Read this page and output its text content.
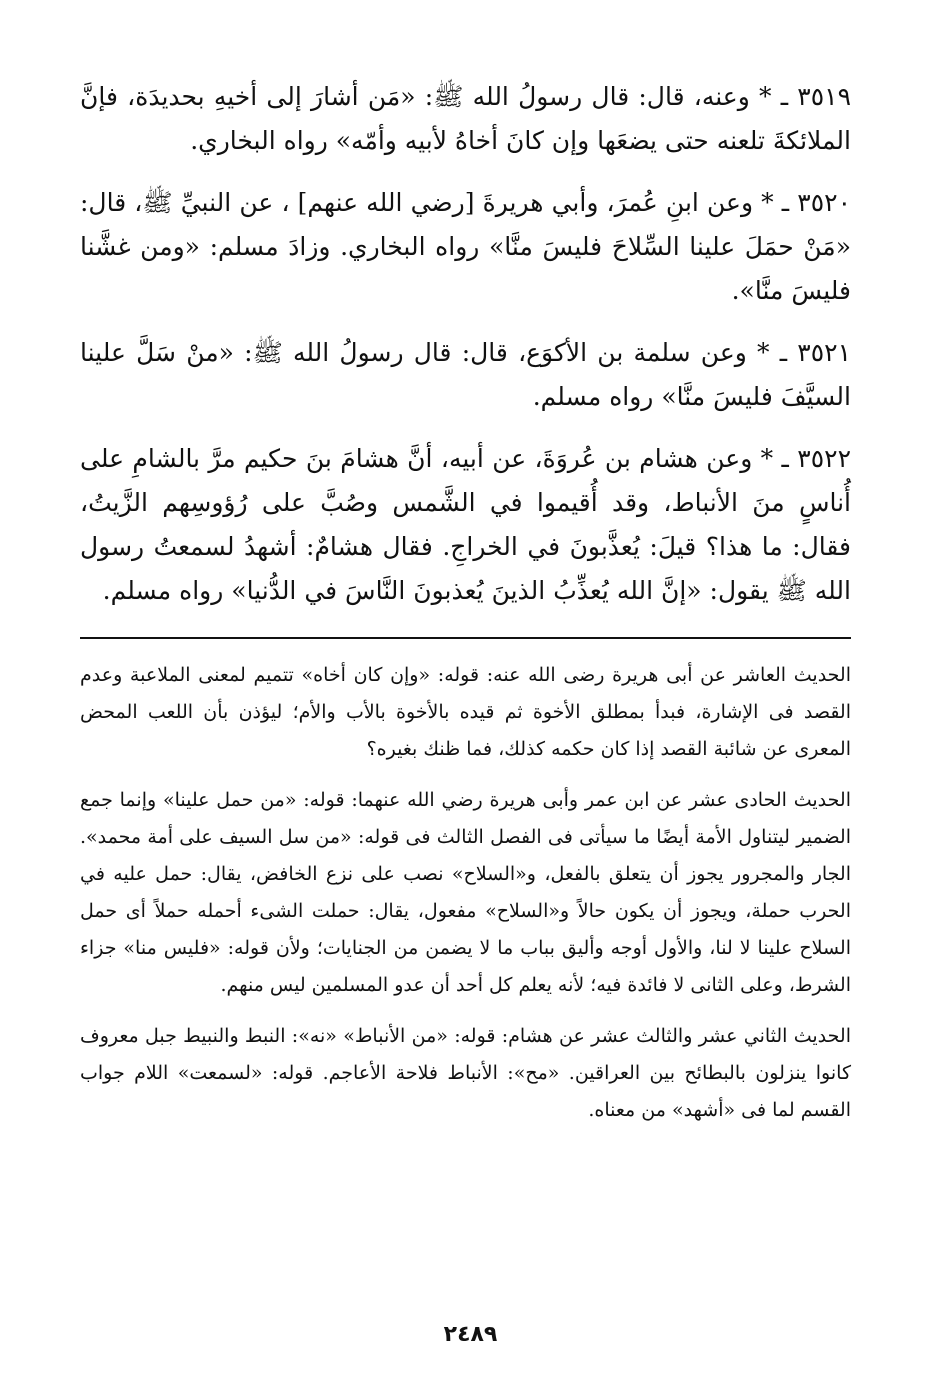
٣٥١٩ ـ * وعنه، قال: قال رسولُ الله ﷺ: «مَن أشارَ إلى أخيهِ بحديدَة، فإنَّ الملائكةَ تلعنه حتى يضعَها وإن كانَ أخاهُ لأبيه وأمّه» رواه البخاري.

٣٥٢٠ ـ * وعن ابنِ عُمرَ، وأبي هريرةَ [رضي الله عنهم] ، عن النبيِّ ﷺ، قال: «مَنْ حمَلَ علينا السِّلاحَ فليسَ منَّا» رواه البخاري. وزادَ مسلم: «ومن غشَّنا فليسَ منَّا».

٣٥٢١ ـ * وعن سلمة بن الأكوَع، قال: قال رسولُ الله ﷺ: «منْ سَلَّ علينا السيَّفَ فليسَ منَّا» رواه مسلم.

٣٥٢٢ ـ * وعن هشام بن عُروَةَ، عن أبيه، أنَّ هشامَ بنَ حكيم مرَّ بالشامِ على أُناسٍ منَ الأنباط، وقد أُقيموا في الشَّمس وصُبَّ على رُؤوسِهم الزَّيتُ، فقال: ما هذا؟ قيلَ: يُعذَّبونَ في الخراجِ. فقال هشامٌ: أشهدُ لسمعتُ رسول الله ﷺ يقول: «إنَّ الله يُعذِّبُ الذينَ يُعذبونَ النَّاسَ في الدُّنيا» رواه مسلم.

الحديث العاشر عن أبى هريرة رضى الله عنه: قوله: «وإن كان أخاه» تتميم لمعنى الملاعبة وعدم القصد فى الإشارة، فبدأ بمطلق الأخوة ثم قيده بالأخوة بالأب والأم؛ ليؤذن بأن اللعب المحض المعرى عن شائبة القصد إذا كان حكمه كذلك، فما ظنك بغيره؟

الحديث الحادى عشر عن ابن عمر وأبى هريرة رضي الله عنهما: قوله: «من حمل علينا» وإنما جمع الضمير ليتناول الأمة أيضًا ما سيأتى فى الفصل الثالث فى قوله: «من سل السيف على أمة محمد». الجار والمجرور يجوز أن يتعلق بالفعل، و«السلاح» نصب على نزع الخافض، يقال: حمل عليه في الحرب حملة، ويجوز أن يكون حالاً و«السلاح» مفعول، يقال: حملت الشىء أحمله حملاً أى حمل السلاح علينا لا لنا، والأول أوجه وأليق بباب ما لا يضمن من الجنايات؛ ولأن قوله: «فليس منا» جزاء الشرط، وعلى الثانى لا فائدة فيه؛ لأنه يعلم كل أحد أن عدو المسلمين ليس منهم.

الحديث الثاني عشر والثالث عشر عن هشام: قوله: «من الأنباط» «نه»: النبط والنبيط جبل معروف كانوا ينزلون بالبطائح بين العراقين. «مح»: الأنباط فلاحة الأعاجم. قوله: «لسمعت» اللام جواب القسم لما فى «أشهد» من معناه.

٢٤٨٩
